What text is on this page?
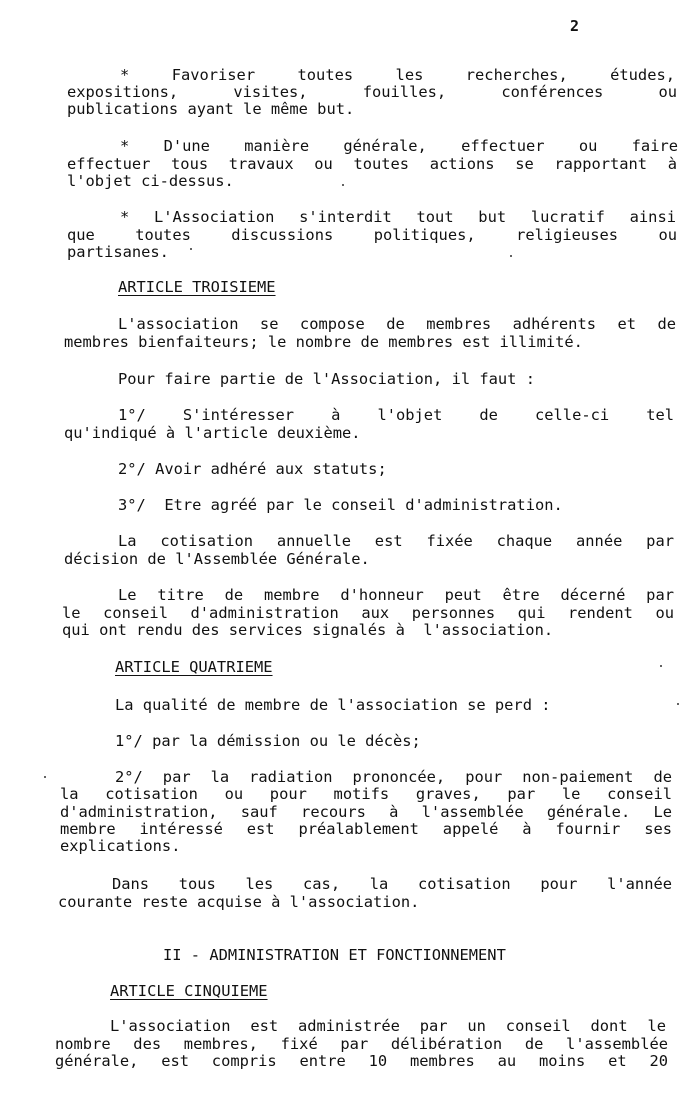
2
* Favoriser toutes les recherches, études,
expositions, visites, fouilles, conférences ou
publications ayant le même but.
* D'une manière générale, effectuer ou faire
effectuer tous travaux ou toutes actions se rapportant à
l'objet ci-dessus.
* L'Association s'interdit tout but lucratif ainsi
que toutes discussions politiques, religieuses ou
partisanes.
ARTICLE TROISIEME
L'association se compose de membres adhérents et de
membres bienfaiteurs; le nombre de membres est illimité.
Pour faire partie de l'Association, il faut :
1°/ S'intéresser à l'objet de celle-ci tel
qu'indiqué à l'article deuxième.
2°/ Avoir adhéré aux statuts;
3°/  Etre agréé par le conseil d'administration.
La cotisation annuelle est fixée chaque année par
décision de l'Assemblée Générale.
Le titre de membre d'honneur peut être décerné par
le conseil d'administration aux personnes qui rendent ou
qui ont rendu des services signalés à  l'association.
ARTICLE QUATRIEME
La qualité de membre de l'association se perd :
1°/ par la démission ou le décès;
2°/ par la radiation prononcée, pour non-paiement de
la cotisation ou pour motifs graves, par le conseil
d'administration, sauf recours à l'assemblée générale. Le
membre intéressé est préalablement appelé à fournir ses
explications.
Dans tous les cas, la cotisation pour l'année
courante reste acquise à l'association.
II - ADMINISTRATION ET FONCTIONNEMENT
ARTICLE CINQUIEME
L'association est administrée par un conseil dont le
nombre des membres, fixé par délibération de l'assemblée
générale, est compris entre 10 membres au moins et 20
